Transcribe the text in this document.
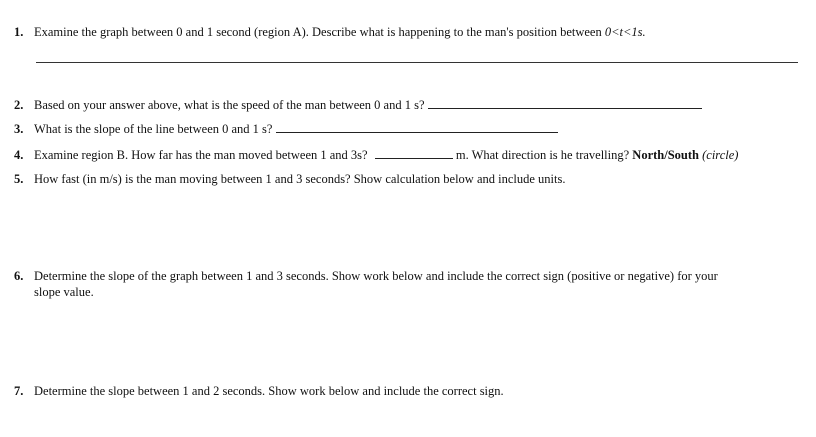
1. Examine the graph between 0 and 1 second (region A). Describe what is happening to the man's position between 0<t<1s.
2. Based on your answer above, what is the speed of the man between 0 and 1 s?
3. What is the slope of the line between 0 and 1 s?
4. Examine region B. How far has the man moved between 1 and 3s?	m. What direction is he travelling? North/South (circle)
5. How fast (in m/s) is the man moving between 1 and 3 seconds? Show calculation below and include units.
6. Determine the slope of the graph between 1 and 3 seconds. Show work below and include the correct sign (positive or negative) for your
slope value.
7. Determine the slope between 1 and 2 seconds. Show work below and include the correct sign.
